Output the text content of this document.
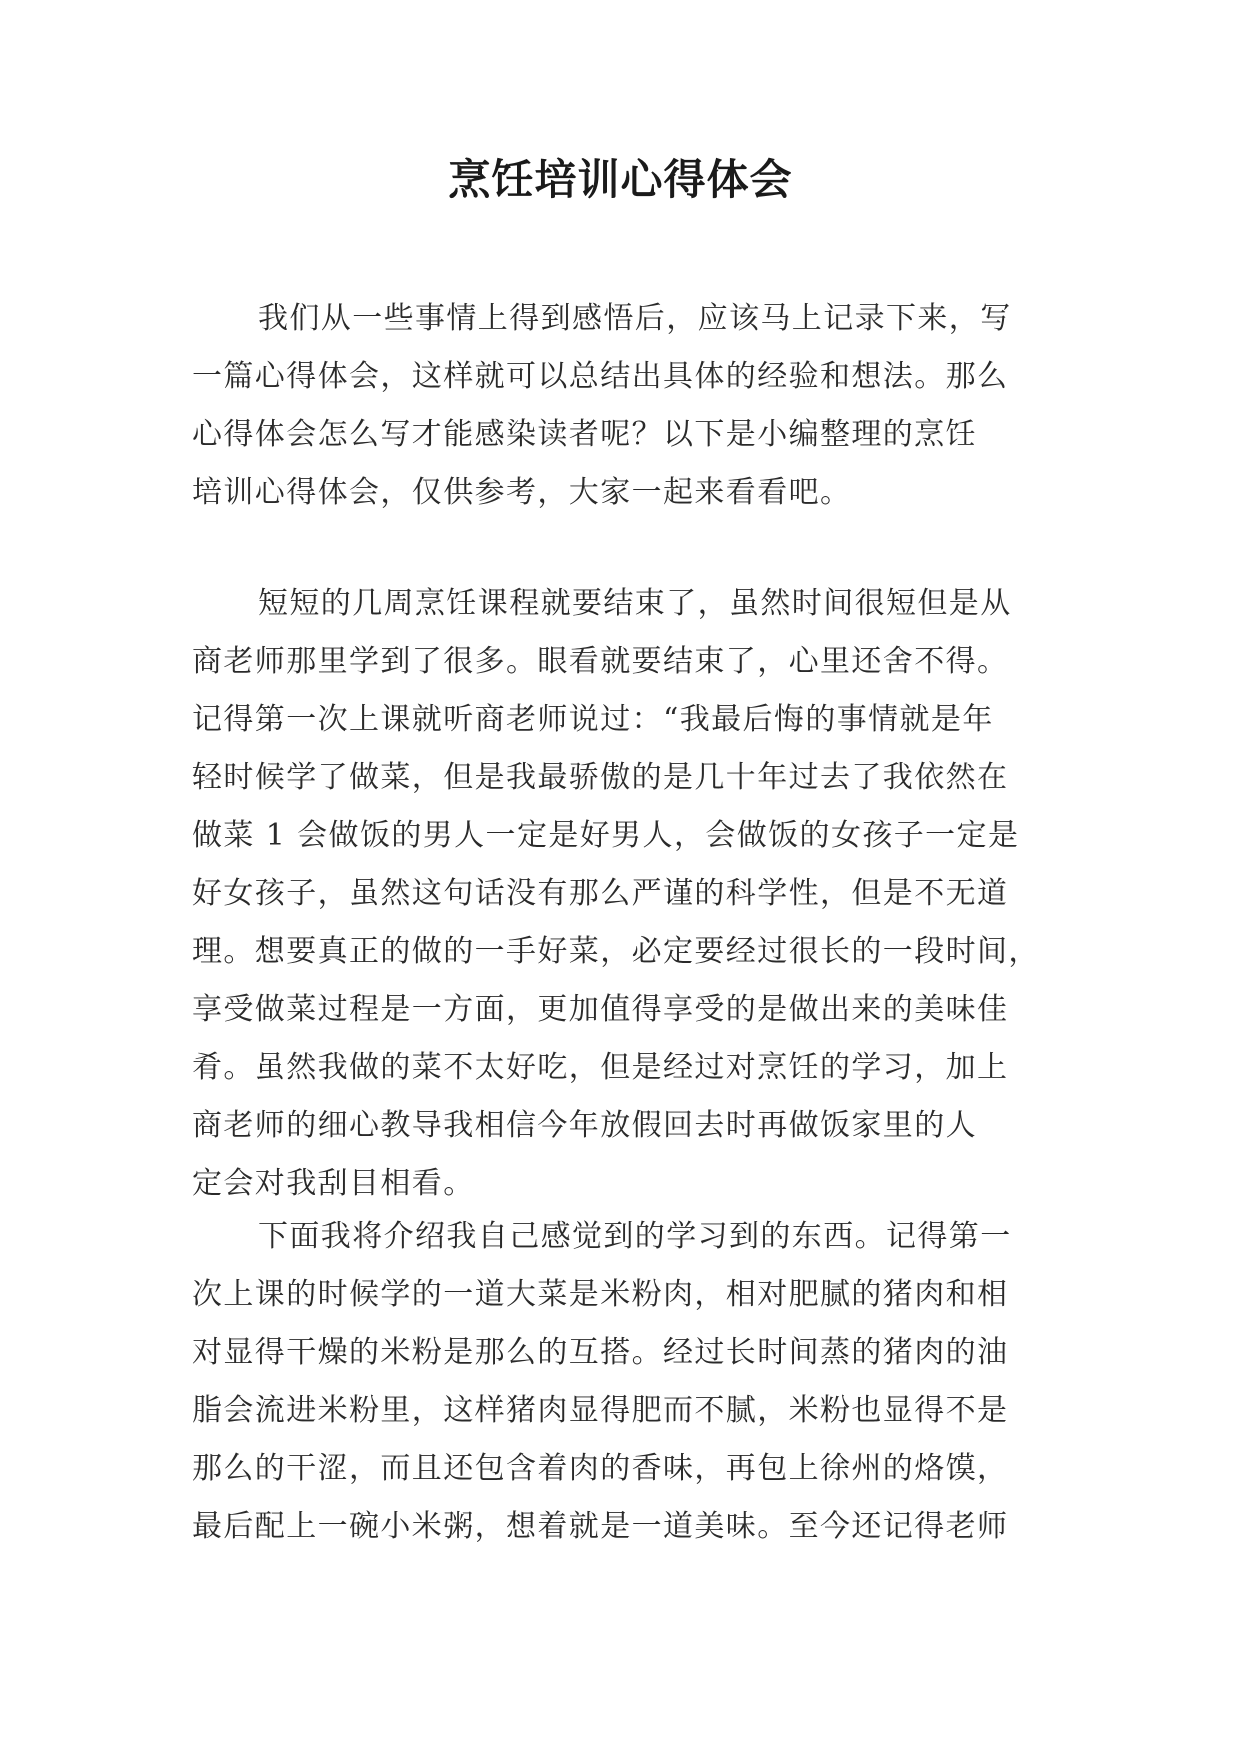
烹饪培训心得体会
我们从一些事情上得到感悟后，应该马上记录下来，写
一篇心得体会，这样就可以总结出具体的经验和想法。那么
心得体会怎么写才能感染读者呢？以下是小编整理的烹饪
培训心得体会，仅供参考，大家一起来看看吧。
短短的几周烹饪课程就要结束了，虽然时间很短但是从
商老师那里学到了很多。眼看就要结束了，心里还舍不得。
记得第一次上课就听商老师说过：“我最后悔的事情就是年
轻时候学了做菜，但是我最骄傲的是几十年过去了我依然在
做菜 1 会做饭的男人一定是好男人，会做饭的女孩子一定是
好女孩子，虽然这句话没有那么严谨的科学性，但是不无道
理。想要真正的做的一手好菜，必定要经过很长的一段时间，
享受做菜过程是一方面，更加值得享受的是做出来的美味佳
肴。虽然我做的菜不太好吃，但是经过对烹饪的学习，加上
商老师的细心教导我相信今年放假回去时再做饭家里的人
定会对我刮目相看。
下面我将介绍我自己感觉到的学习到的东西。记得第一
次上课的时候学的一道大菜是米粉肉，相对肥腻的猪肉和相
对显得干燥的米粉是那么的互搭。经过长时间蒸的猪肉的油
脂会流进米粉里，这样猪肉显得肥而不腻，米粉也显得不是
那么的干涩，而且还包含着肉的香味，再包上徐州的烙馍，
最后配上一碗小米粥，想着就是一道美味。至今还记得老师
